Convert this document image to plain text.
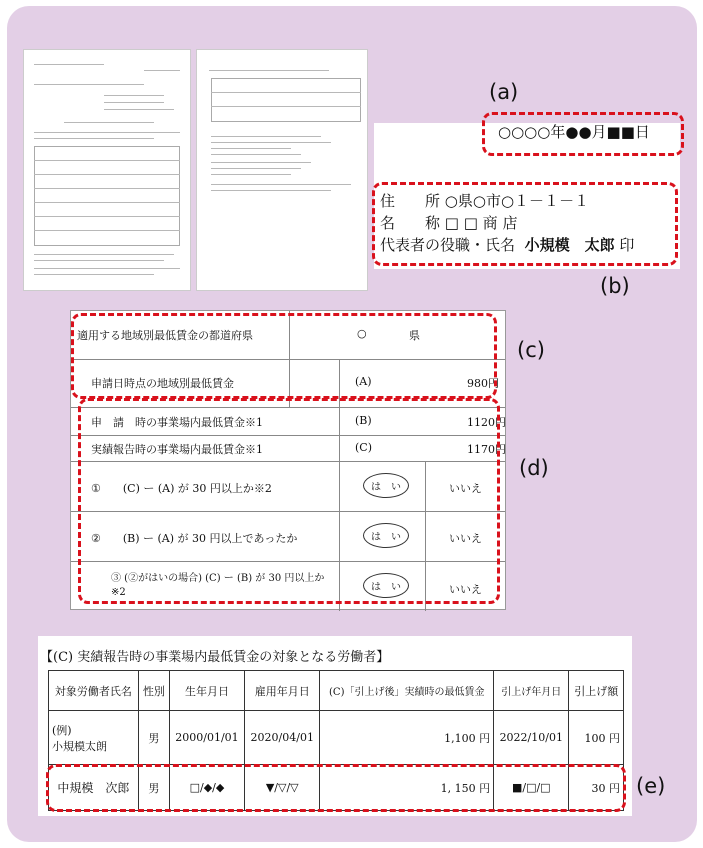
(a)
○○○○年●●月■■日
住　　所 ○県○市○１－１－１
名　　称 □ □ 商 店
代表者の役職・氏名 小規模　太郎 印
(b)
適用する地域別最低賃金の都道府県	○	県
申請日時点の地域別最低賃金	(A)	980円
申　請　時の事業場内最低賃金※1	(B)	1120円
実績報告時の事業場内最低賃金※1	(C)	1170円
①　　(C) ー (A) が 30 円以上か※2	は　い	いいえ
②　　(B) ー (A) が 30 円以上であったか	は　い	いいえ
③ (②がはいの場合) (C) ー (B) が 30 円以上か
※2	は　い	いいえ
(c)
(d)
【(C) 実績報告時の事業場内最低賃金の対象となる労働者】
対象労働者氏名	性別	生年月日	雇用年月日	(C)「引上げ後」実績時の最低賃金	引上げ年月日	引上げ額
(例)
小規模太朗	男	2000/01/01	2020/04/01	1,100 円	2022/10/01	100 円
中規模　次郎	男	□/◆/◆	▼/▽/▽	1, 150 円	■/□/□	30 円 (e)
